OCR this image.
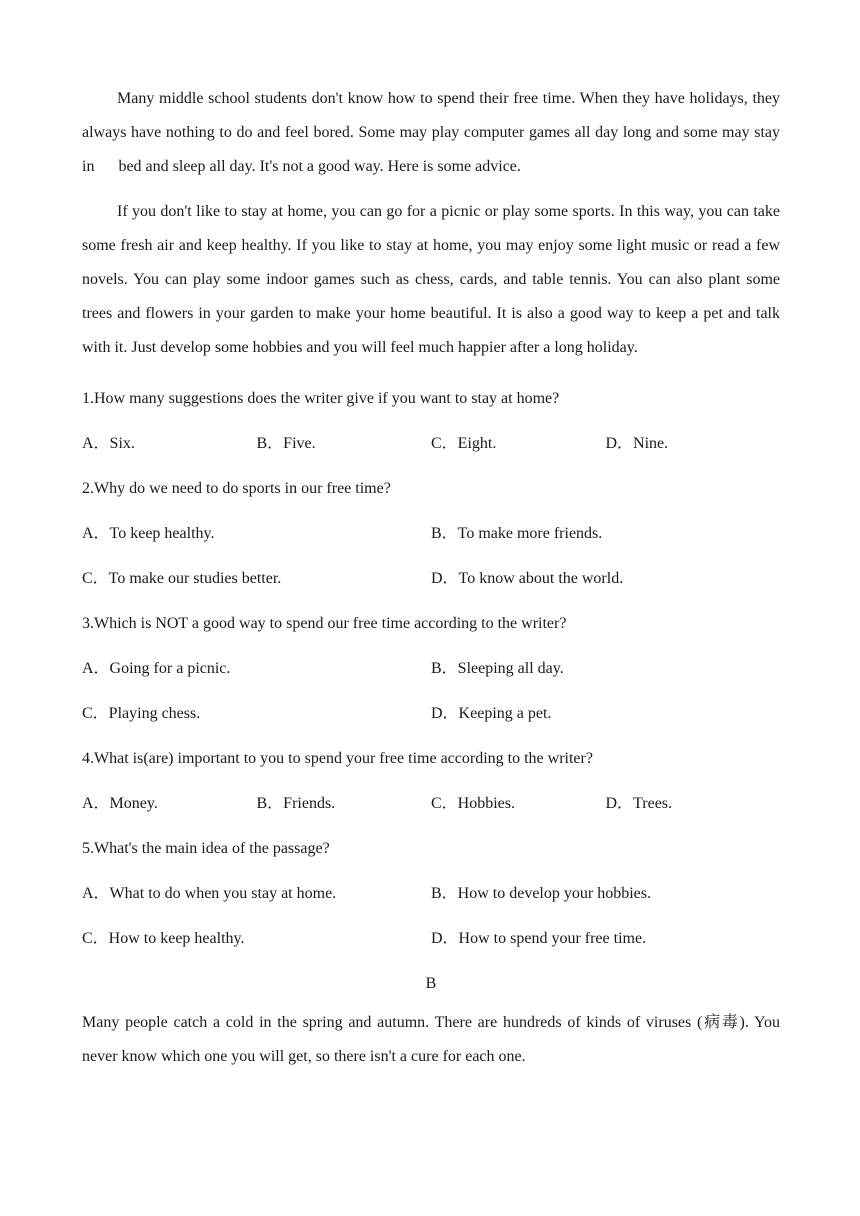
Many middle school students don't know how to spend their free time. When they have holidays, they always have nothing to do and feel bored. Some may play computer games all day long and some may stay in      bed and sleep all day. It's not a good way. Here is some advice.

If you don't like to stay at home, you can go for a picnic or play some sports. In this way, you can take some fresh air and keep healthy. If you like to stay at home, you may enjoy some light music or read a few novels. You can play some indoor games such as chess, cards, and table tennis. You can also plant some trees and flowers in your garden to make your home beautiful. It is also a good way to keep a pet and talk with it. Just develop some hobbies and you will feel much happier after a long holiday.

1.How many suggestions does the writer give if you want to stay at home?

A．Six.	B．Five.	C．Eight.	D．Nine.

2.Why do we need to do sports in our free time?

A．To keep healthy.	B．To make more friends.
C．To make our studies better.	D．To know about the world.

3.Which is NOT a good way to spend our free time according to the writer?

A．Going for a picnic.	B．Sleeping all day.
C．Playing chess.	D．Keeping a pet.

4.What is(are) important to you to spend your free time according to the writer?

A．Money.	B．Friends.	C．Hobbies.	D．Trees.

5.What's the main idea of the passage?

A．What to do when you stay at home.	B．How to develop your hobbies.
C．How to keep healthy.	D．How to spend your free time.

B

Many people catch a cold in the spring and autumn. There are hundreds of kinds of viruses (病毒). You never know which one you will get, so there isn't a cure for each one.
